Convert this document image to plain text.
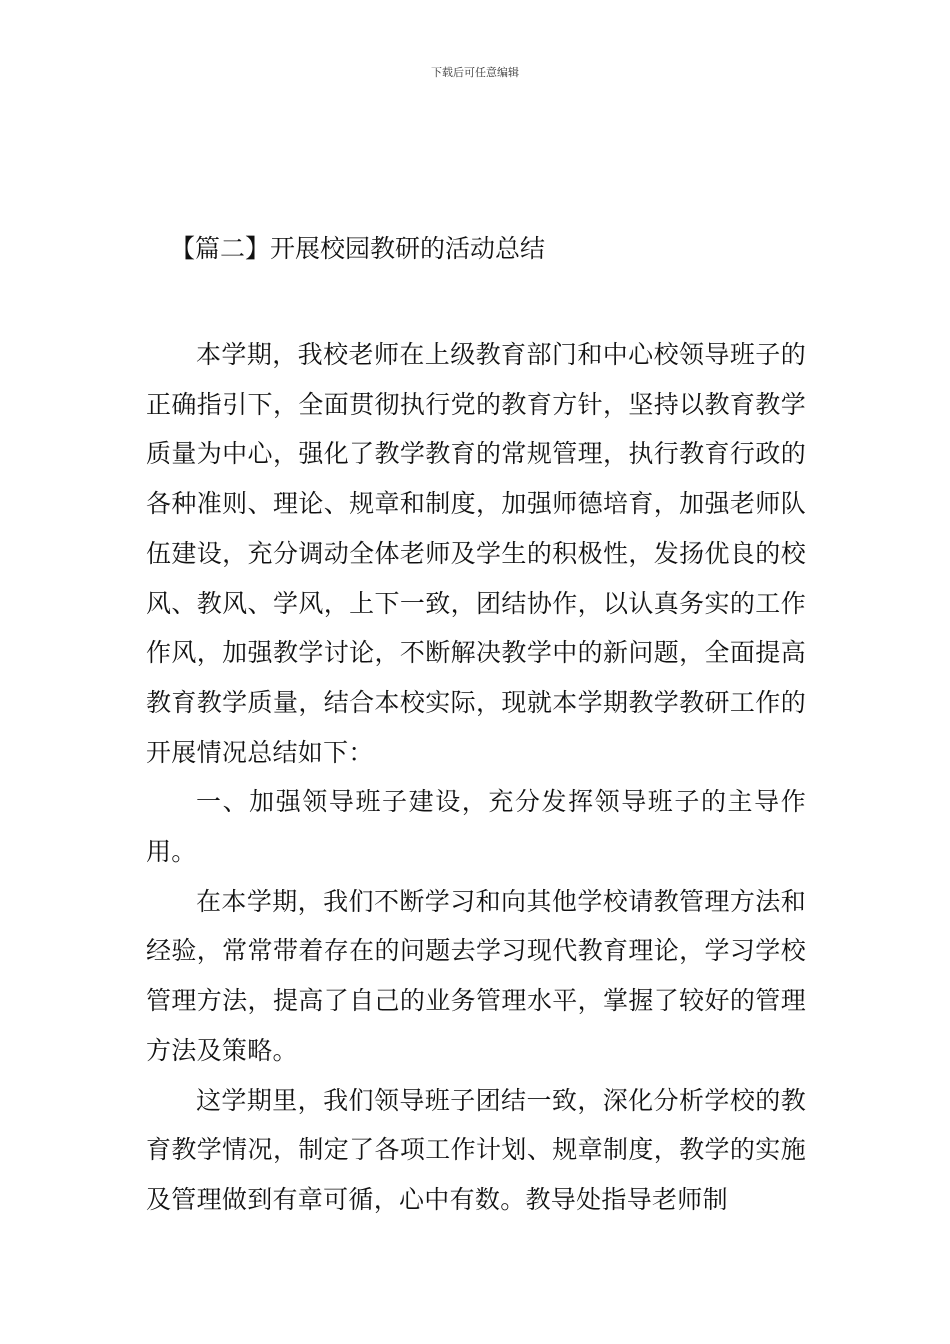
下载后可任意编辑
【篇二】开展校园教研的活动总结

本学期，我校老师在上级教育部门和中心校领导班子的正确指引下，全面贯彻执行党的教育方针，坚持以教育教学质量为中心，强化了教学教育的常规管理，执行教育行政的各种准则、理论、规章和制度，加强师德培育，加强老师队伍建设，充分调动全体老师及学生的积极性，发扬优良的校风、教风、学风，上下一致，团结协作，以认真务实的工作作风，加强教学讨论，不断解决教学中的新问题，全面提高教育教学质量，结合本校实际，现就本学期教学教研工作的开展情况总结如下：

一、加强领导班子建设，充分发挥领导班子的主导作用。

在本学期，我们不断学习和向其他学校请教管理方法和经验，常常带着存在的问题去学习现代教育理论，学习学校管理方法，提高了自己的业务管理水平，掌握了较好的管理方法及策略。

这学期里，我们领导班子团结一致，深化分析学校的教育教学情况，制定了各项工作计划、规章制度，教学的实施及管理做到有章可循，心中有数。教导处指导老师制
